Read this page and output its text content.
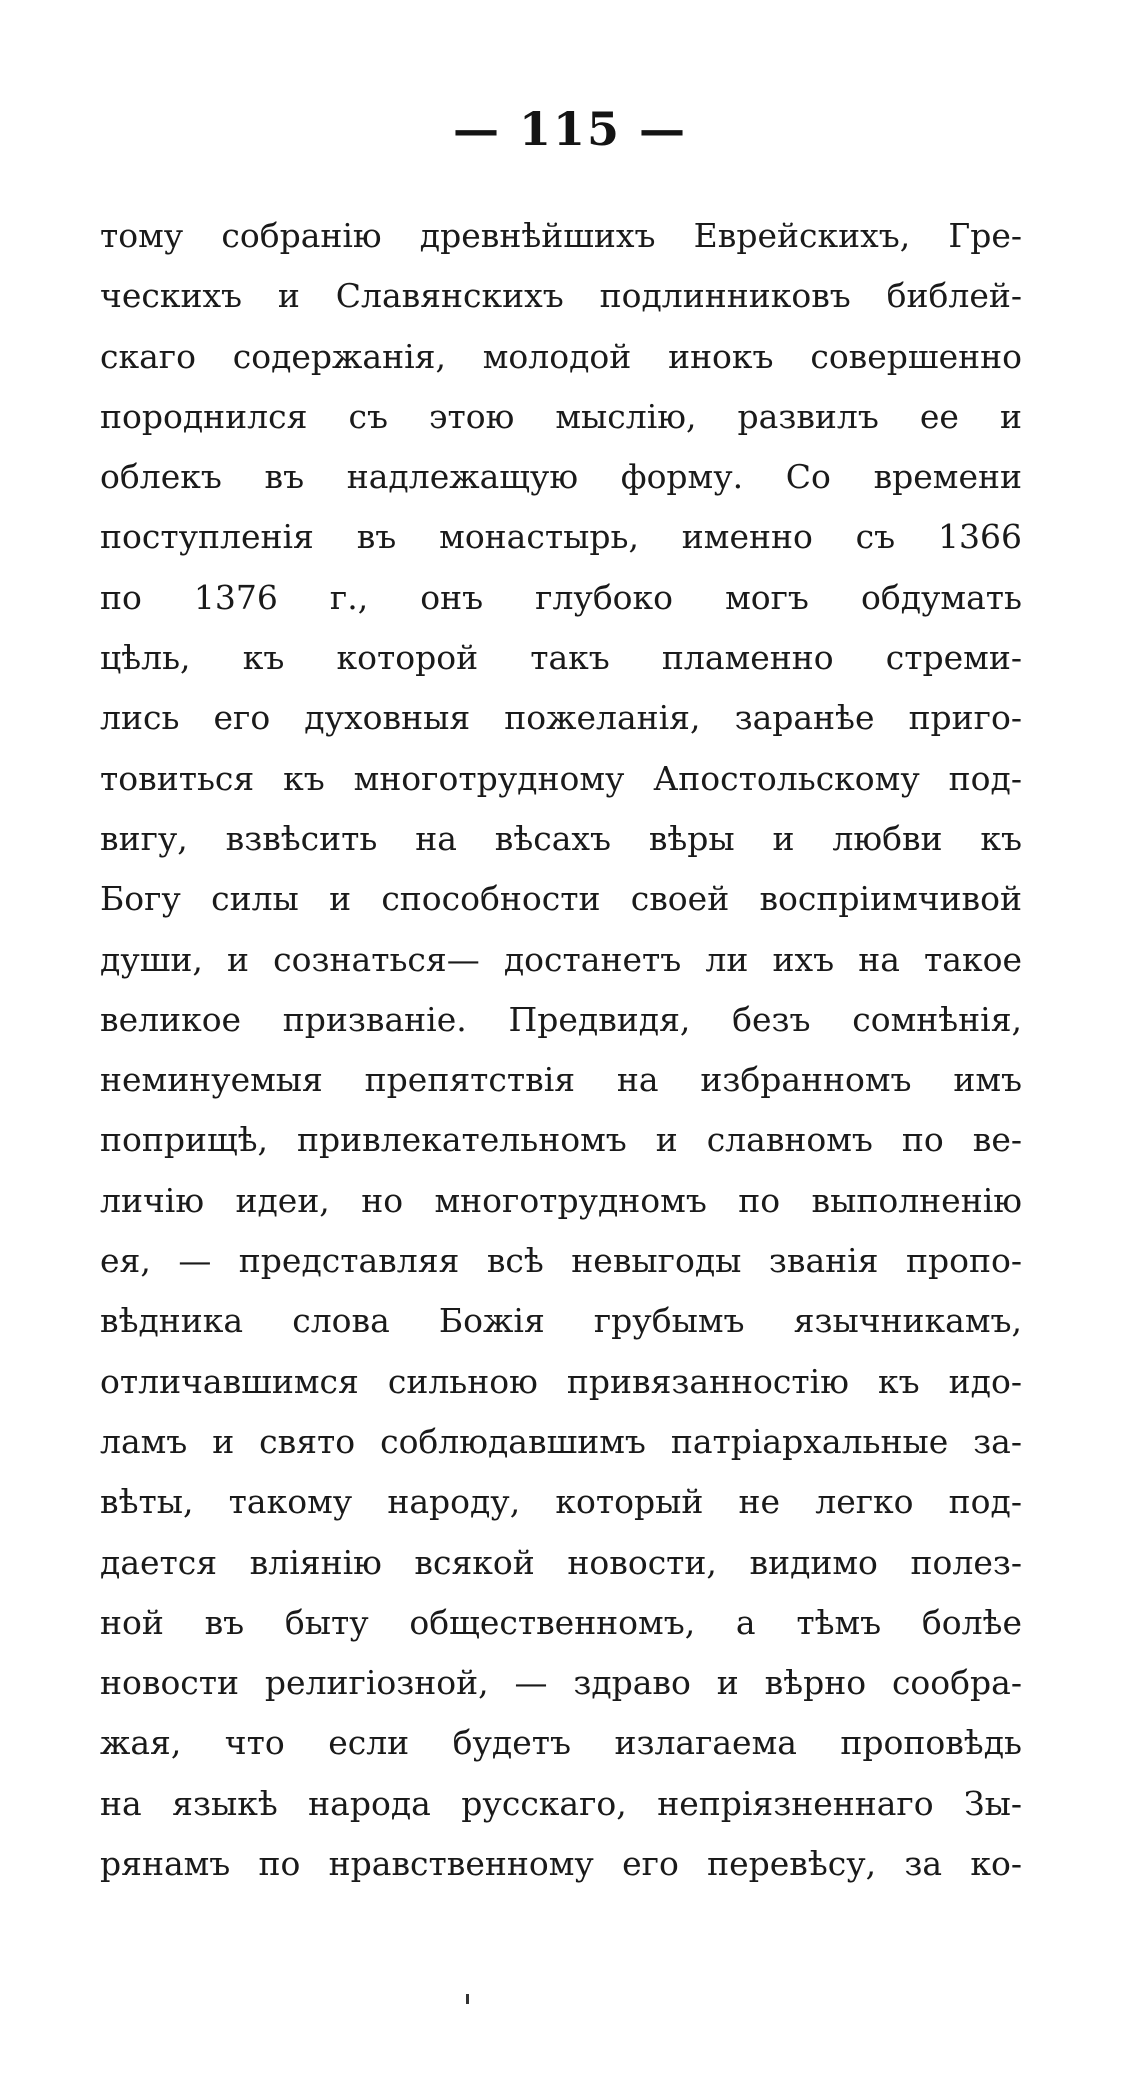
— 115 —
тому собранію древнѣйшихъ Еврейскихъ, Гре-
ческихъ и Славянскихъ подлинниковъ библей-
скаго содержанія, молодой инокъ совершенно
породнился съ этою мыслію, развилъ ее и
облекъ въ надлежащую форму. Со времени
поступленія въ монастырь, именно съ 1366
по 1376 г., онъ глубоко могъ обдумать
цѣль, къ которой такъ пламенно стреми-
лись его духовныя пожеланія, заранѣе приго-
товиться къ многотрудному Апостольскому под-
вигу, взвѣсить на вѣсахъ вѣры и любви къ
Богу силы и способности своей воспріимчивой
души, и сознаться— достанетъ ли ихъ на такое
великое призваніе. Предвидя, безъ сомнѣнія,
неминуемыя препятствія на избранномъ имъ
поприщѣ, привлекательномъ и славномъ по ве-
личію идеи, но многотрудномъ по выполненію
ея, — представляя всѣ невыгоды званія пропо-
вѣдника слова Божія грубымъ язычникамъ,
отличавшимся сильною привязанностію къ идо-
ламъ и свято соблюдавшимъ патріархальные за-
вѣты, такому народу, который не легко под-
дается вліянію всякой новости, видимо полез-
ной въ быту общественномъ, а тѣмъ болѣе
новости религіозной, — здраво и вѣрно сообра-
жая, что если будетъ излагаема проповѣдь
на языкѣ народа русскаго, непріязненнаго Зы-
рянамъ по нравственному его перевѣсу, за ко-
